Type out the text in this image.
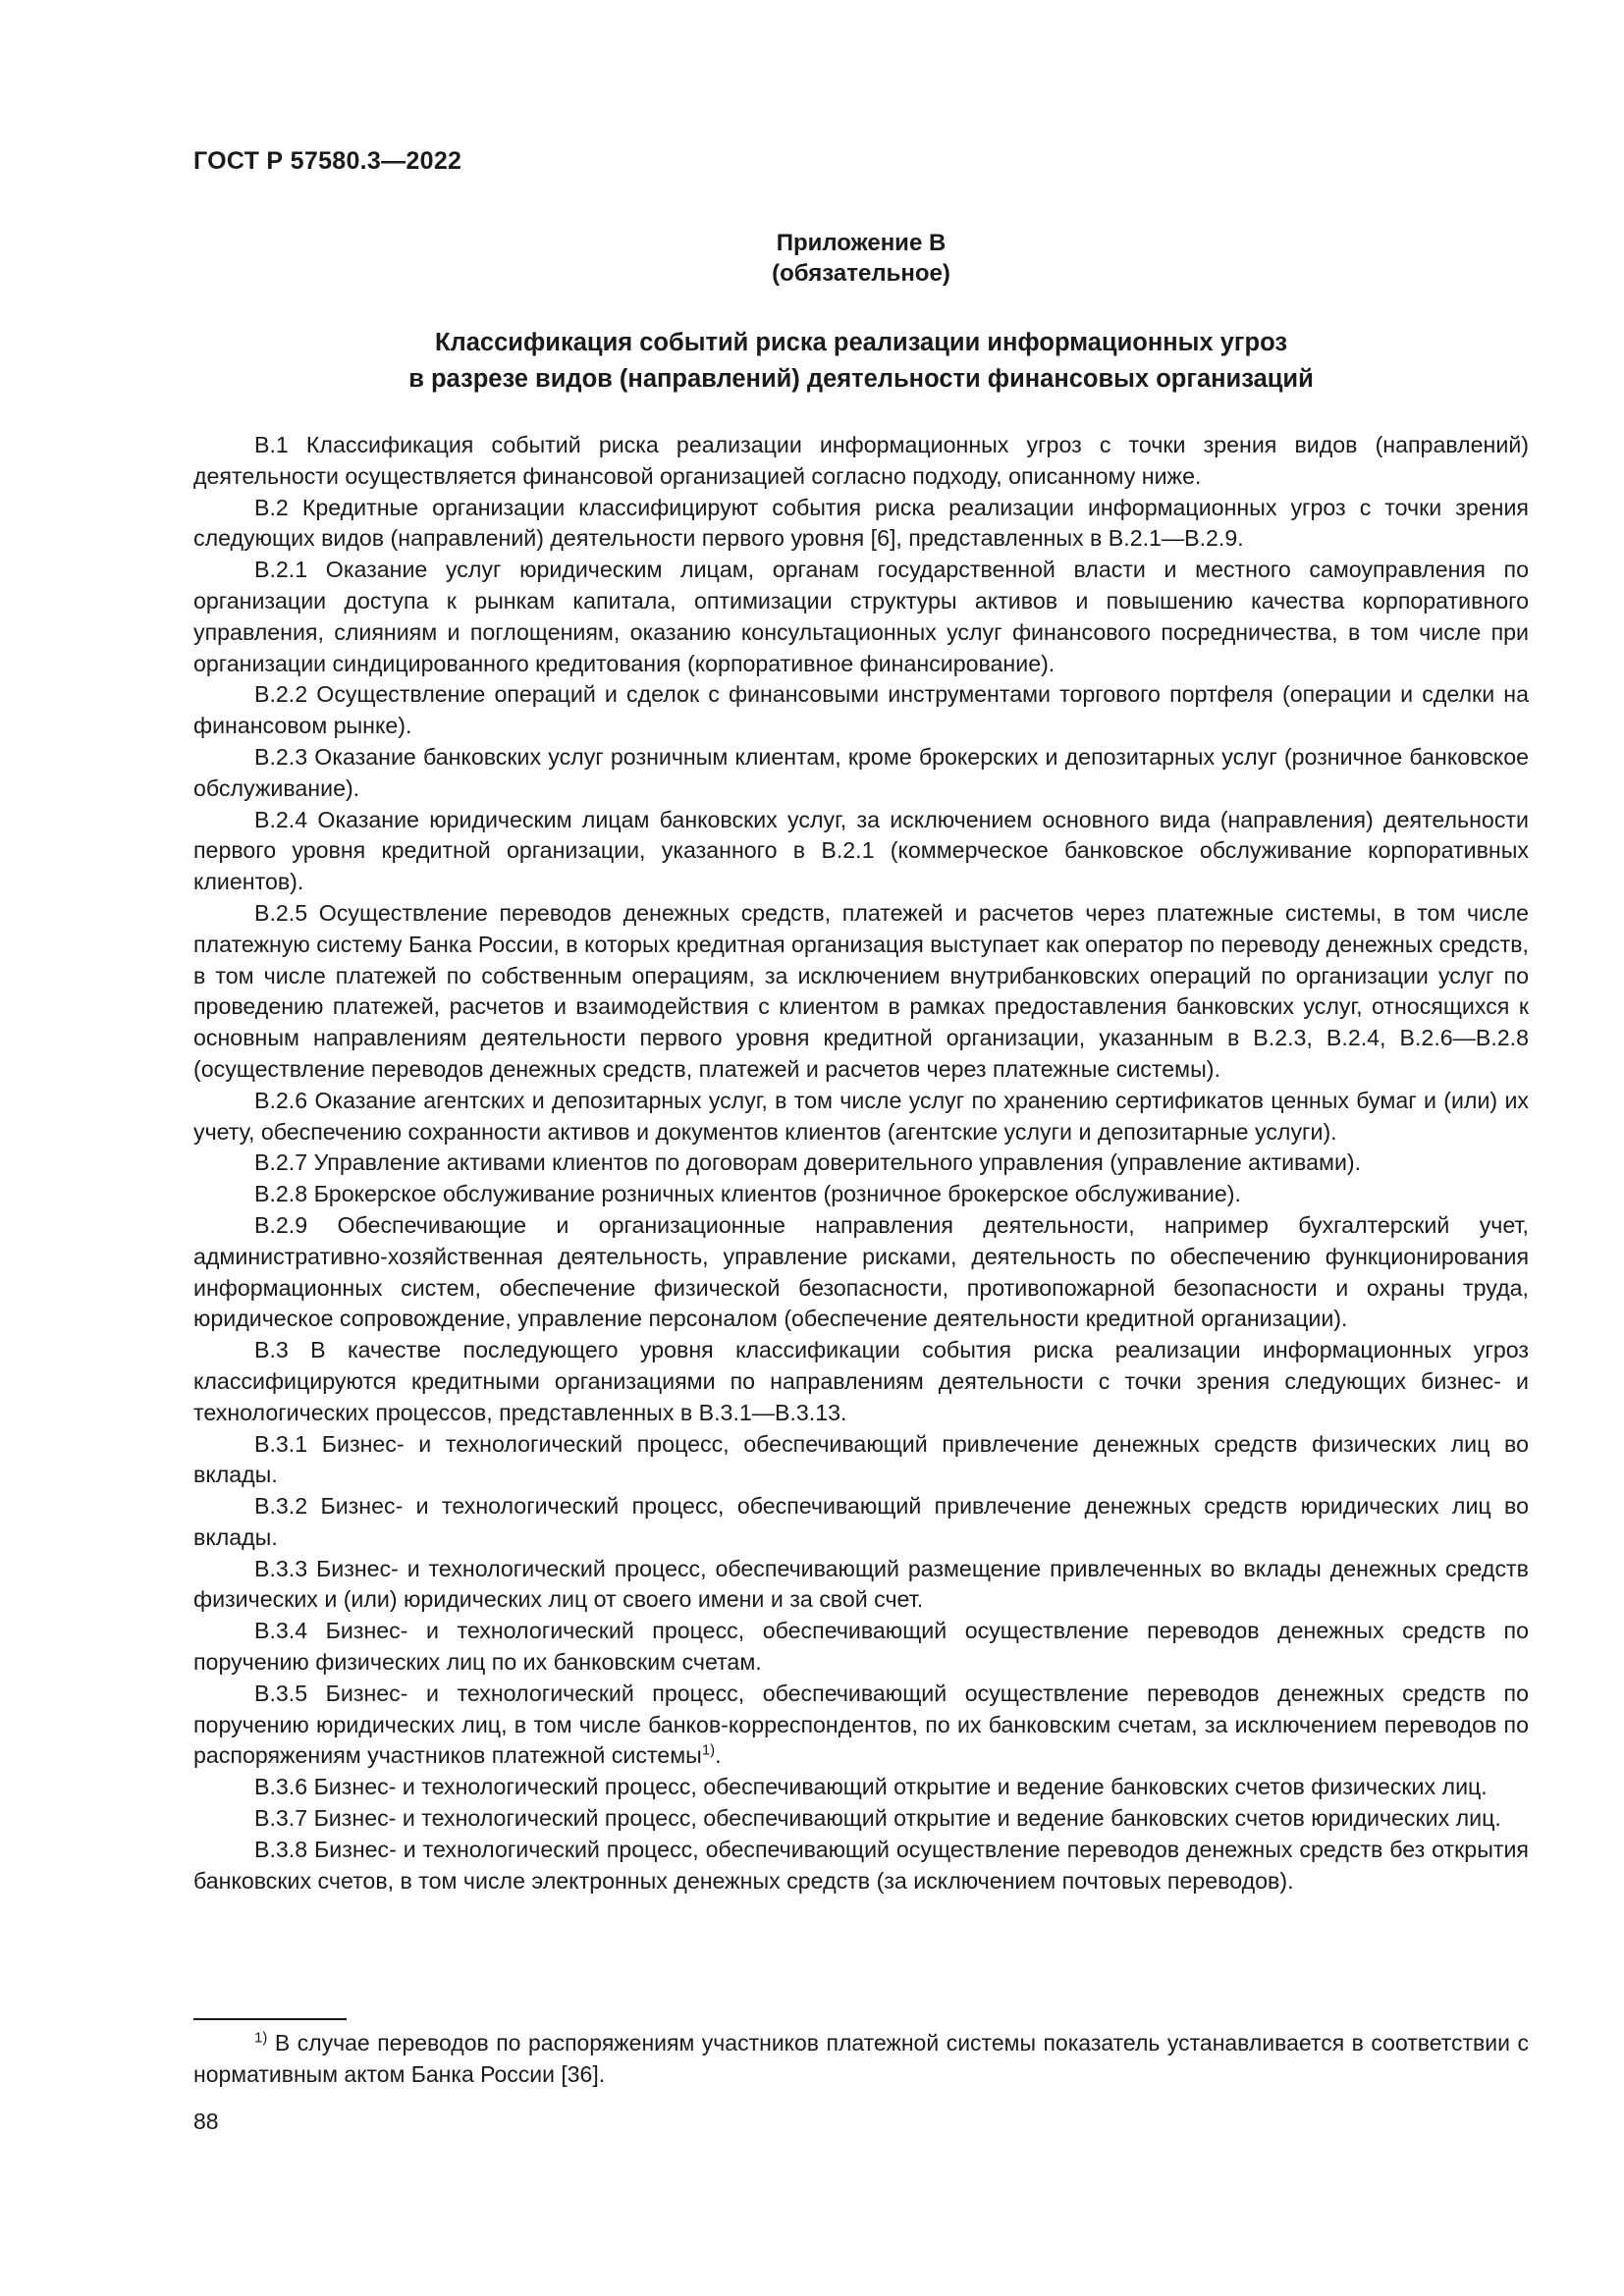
ГОСТ Р 57580.3—2022
Приложение В
(обязательное)
Классификация событий риска реализации информационных угроз
в разрезе видов (направлений) деятельности финансовых организаций

В.1 Классификация событий риска реализации информационных угроз с точки зрения видов (направлений) деятельности осуществляется финансовой организацией согласно подходу, описанному ниже.

В.2 Кредитные организации классифицируют события риска реализации информационных угроз с точки зрения следующих видов (направлений) деятельности первого уровня [6], представленных в В.2.1—В.2.9.

В.2.1 Оказание услуг юридическим лицам, органам государственной власти и местного самоуправления по организации доступа к рынкам капитала, оптимизации структуры активов и повышению качества корпоративного управления, слияниям и поглощениям, оказанию консультационных услуг финансового посредничества, в том числе при организации синдицированного кредитования (корпоративное финансирование).

В.2.2 Осуществление операций и сделок с финансовыми инструментами торгового портфеля (операции и сделки на финансовом рынке).

В.2.3 Оказание банковских услуг розничным клиентам, кроме брокерских и депозитарных услуг (розничное банковское обслуживание).

В.2.4 Оказание юридическим лицам банковских услуг, за исключением основного вида (направления) деятельности первого уровня кредитной организации, указанного в В.2.1 (коммерческое банковское обслуживание корпоративных клиентов).

В.2.5 Осуществление переводов денежных средств, платежей и расчетов через платежные системы, в том числе платежную систему Банка России, в которых кредитная организация выступает как оператор по переводу денежных средств, в том числе платежей по собственным операциям, за исключением внутрибанковских операций по организации услуг по проведению платежей, расчетов и взаимодействия с клиентом в рамках предоставления банковских услуг, относящихся к основным направлениям деятельности первого уровня кредитной организации, указанным в В.2.3, В.2.4, В.2.6—В.2.8 (осуществление переводов денежных средств, платежей и расчетов через платежные системы).

В.2.6 Оказание агентских и депозитарных услуг, в том числе услуг по хранению сертификатов ценных бумаг и (или) их учету, обеспечению сохранности активов и документов клиентов (агентские услуги и депозитарные услуги).

В.2.7 Управление активами клиентов по договорам доверительного управления (управление активами).

В.2.8 Брокерское обслуживание розничных клиентов (розничное брокерское обслуживание).

В.2.9 Обеспечивающие и организационные направления деятельности, например бухгалтерский учет, административно-хозяйственная деятельность, управление рисками, деятельность по обеспечению функционирования информационных систем, обеспечение физической безопасности, противопожарной безопасности и охраны труда, юридическое сопровождение, управление персоналом (обеспечение деятельности кредитной организации).

В.3 В качестве последующего уровня классификации события риска реализации информационных угроз классифицируются кредитными организациями по направлениям деятельности с точки зрения следующих бизнес- и технологических процессов, представленных в В.3.1—В.3.13.

В.3.1 Бизнес- и технологический процесс, обеспечивающий привлечение денежных средств физических лиц во вклады.

В.3.2 Бизнес- и технологический процесс, обеспечивающий привлечение денежных средств юридических лиц во вклады.

В.3.3 Бизнес- и технологический процесс, обеспечивающий размещение привлеченных во вклады денежных средств физических и (или) юридических лиц от своего имени и за свой счет.

В.3.4 Бизнес- и технологический процесс, обеспечивающий осуществление переводов денежных средств по поручению физических лиц по их банковским счетам.

В.3.5 Бизнес- и технологический процесс, обеспечивающий осуществление переводов денежных средств по поручению юридических лиц, в том числе банков-корреспондентов, по их банковским счетам, за исключением переводов по распоряжениям участников платежной системы$^{1)}$.

В.3.6 Бизнес- и технологический процесс, обеспечивающий открытие и ведение банковских счетов физических лиц.

В.3.7 Бизнес- и технологический процесс, обеспечивающий открытие и ведение банковских счетов юридических лиц.

В.3.8 Бизнес- и технологический процесс, обеспечивающий осуществление переводов денежных средств без открытия банковских счетов, в том числе электронных денежных средств (за исключением почтовых переводов).

$^{1)}$ В случае переводов по распоряжениям участников платежной системы показатель устанавливается в соответствии с нормативным актом Банка России [36].

88
